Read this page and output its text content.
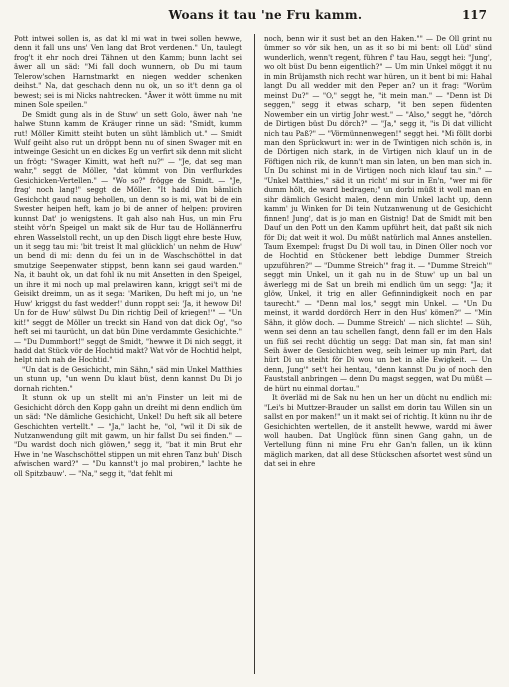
Woans it tau 'ne Fru kamm.	117

Pott intwei sollen is, as dat kl mi wat in twei sollen hewwe, denn it fall uns uns' Ven lang dat Brot verdenen." Un, taulegt frog't it ehr noch drei Tähnen ut den Kamm; bunn lacht sei äwer all un säd: "Mi fall doch wunnern, ob Du mi taum Telerow'schen Harnstmarkt en niegen wedder schenken deihst." Na, dat geschach denn nu ok, un so it't denn ga ol bewest; sei is mi Nicks nahtrecken. "Äwer it wött ümme nu mit minen Sole speilen."

De Smidt gung als in de Stuw' un sett Golo, äwer nah 'ne halwe Stunn kamm de Kräuger rinne un säd: "Smidt, kumm rut! Möller Kimitt steiht buten un süht lämblich ut." — Smidt Wulf geiht also rut un dröppt benn nu of sinen Swager mit en intweinge Gesicht un en dickes Eg un verfirt sik denn mit slicht un frögt: "Swager Kimitt, wat heft nu?" — "Je, dat seg man wahr," seggt de Möller, "dat kümmt von Din verflurkdes Gesichicken-Vertellen." — "Wo so?" frögge de Smidt. — "Je, frag' noch lang!" seggt de Möller. "It hadd Din bämlich Gesichcht gaud naug behollen, un denn so is mi, wat bi de ein Swester heipen heft, kam jo bi de anner of helpen: proviren kunnst Dat' jo wenigstens. It gah also nah Hus, un min Fru steiht vör'n Speigel un makt sik de Hur tau de Hollännerfru ehren Wasselstoll recht, un up den Disch liggt ehre beste Huw, un it segg tau mi: 'bit treist It mal glücklich' un nehm de Huw' un bend di mi: denn du fei un in de Waschschöttel in dat smutzige Seepenwater stippst, benn kann sei gaud warden." Na, it bauht ok, un dat fohl ik nu mit Ansetten in den Speigel, un ihre it mi noch up mal prelawiren kann, kriggt sei't mi de Geisikt dreimm, un as it sega: 'Mariken, Du heft mi jo, un 'ne Huw' kriggst du fast wedder!' dunn roppt sei: 'Ja, it hewow Di! Un for de Huw' sülwst Du Din richtig Deil of kriegen!'" — "Un kit!" seggt de Möller un treckt sin Hand von dat dick Og', "so heft sei mi taurücht, un dat bün Dine verdammte Gesichichte." — "Du Dummbort!" seggt de Smidt, "hewwe it Di nich seggt, it hadd dat Stück vör de Hochtid makt? Wat vör de Hochtid helpt, helpt nich nah de Hochtid."

"Un dat is de Gesichicht, min Sähn," säd min Unkel Matthies un stunn up, "un wenn Du klaut büst, denn kannst Du Di jo dornah richten."

It stunn ok up un stellt mi an'n Finster un leit mi de Gesichicht dörch den Kopp gahn un dreiht mi denn endlich üm un säd: "Ne dämliche Gesichicht, Unkel! Du heft sik all betere Geschichten vertellt." — "Ja," lacht he, "ol, "wil it Di sik de Nutzanwendung gilt mit gawm, un hir fallst Du sei finden." — "Du wardst doch nich glöwen," segg it, "bat it min Brut ehr Hwe in 'ne Waschschöttel stippen un mit ehren Tanz buh' Disch afwischen ward?" — "Du kannst't jo mal probiren," lachte he oll Spitzbauw'. — "Na," segg it, "dat fehlt mi

noch, benn wir it sust bet an den Haken."" — De Oll grint nu ümmer so vör sik hen, un as it so bi mi bent: oll Lüd' sünd wunderlich, wenn't regent, führen f' tau Hau, seggt hei: "Jung', wo olt büst Du benn eigentlich?" — Um min Unkel möggt it nu in min Brüjamsth nich recht war hüren, un it bent bi mi: Hahal langt Du all wedder mit den Peper an? un it frag: "Worüm meinst Du?" — "O," seggt he, "it mein man." — "Denn ist Di seggen," segg it etwas scharp, "it ben sepen füdenten Nowember ein un virtig Johr west." — "Also," seggt he, "dörch de Dirtigen büst Du dörch?" — "Ja," segg it, "is Di dat villicht nich tau Paß?" — "Vörmünnenwegen!" seggt hei. "Mi föllt dorbi man den Sprückwurt in: wer in de Twintigen nich schön is, in de Dörtigen nich stark, in de Virtigen nich klauf un in de Föftigen nich rik, de kunn't man sin laten, un ben man sich in. Un Du schinst mi in de Virtigen noch nich klauf tau sin." — "Unkel Matthies," säd it un richt' mi sur in En'n, "wer mi för dumm hölt, de ward bedragen;" un dorbi müßt it woll man en sihr dämlich Gesicht malen, denn min Unkel lacht up, denn kamm' ju Winken for Di tein Nutzanwenung ut de Gesichicht finnen! Jung', dat is jo man en Gistnig! Dat de Smidt mit ben Dauf un den Pott un den Kamm upführt heit, dat paßt sik nich för Di; dat weit it wol. Du müßt natürlich mal Annes anstellen. Taum Exempel: frugst Du Di woll tau, in Dinen Oller noch vor de Hochtid en Stückener bett lebdige Dummer Streich upzuführen?" — "Dumme Streich'" frag it. — "Dumme Streich'" seggt min Unkel, un it gah nu in de Stuw' up un bal un äwerlegg mi de Sat un breih mi endlich üm un segg: "Ja; it glöw, Unkel, it trig en aller Gefinnindigkeit noch en par taurecht." — "Denn mal los," seggt min Unkel. — "Un Du meinst, it wardd dordörch Herr in den Hus' kömen?" — "Min Sähn, it glöw doch. — Dumme Streich' — nich slichte! — Süh, wenn sei denn an tau schellen fangt, denn fall er im den Hals un füß sei recht düchtig un segg: Dat man sin, fat man sin! Seih äwer de Gesichichten weg, seih leimer up min Part, dat hürt Di un steiht för Di wou un bet in alle Ewigkeit. — Un denn, Jung'" set't hei hentau, "denn kannst Du jo of noch den Fauststall anbringen — denn Du magst seggen, wat Du müßt — de hürt nu einmal dortau."

It överläd mi de Sak nu hen un her un dücht nu endlich mi: "Lei's bi Muttzer-Brauder un sallst em dorin tau Willen sin un sallst en por maken!" un it makt sei of richtig. It künn nu ihr de Gesichichten wertellen, de it anstellt hewwe, wardd mi äwer woll hauben. Dat Unglück fünn sinen Gang gahn, un de Vertellung fünn ni mine Fru ehr Gan'n fallen, un ik künn mäglich marken, dat all dese Stückschen afsortet west sünd un dat sei in ehre
